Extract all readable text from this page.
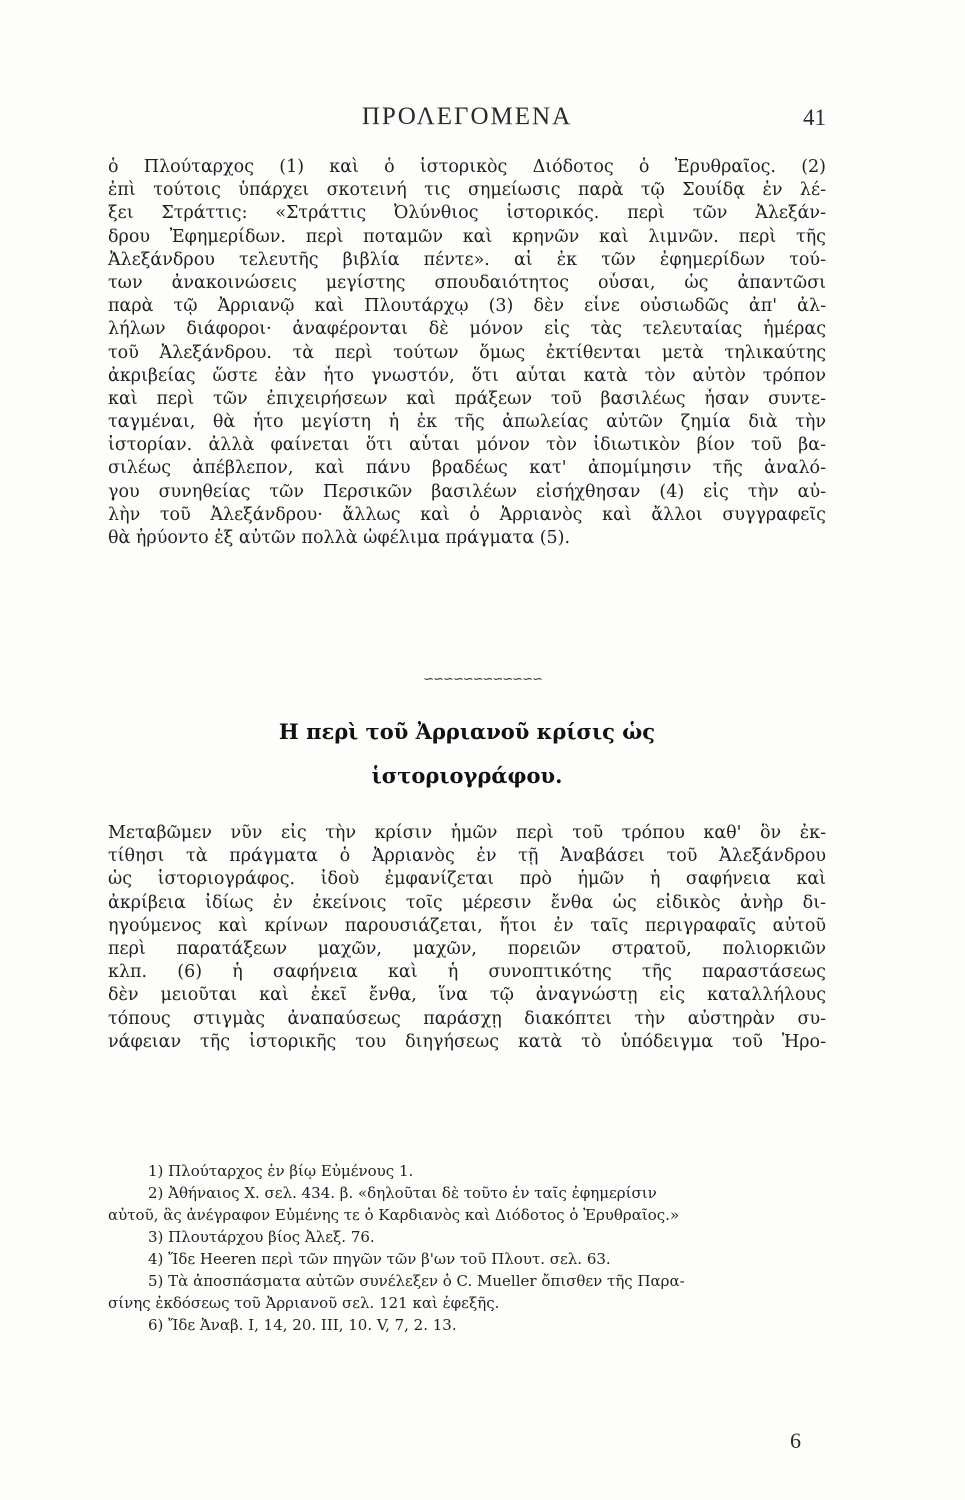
ΠΡΟΛΕΓΟΜΕΝΑ	41
ὁ Πλούταρχος (1) καὶ ὁ ἱστορικὸς Διόδοτος ὁ Ἐρυθραῖος. (2)
ἐπὶ τούτοις ὑπάρχει σκοτεινή τις σημείωσις παρὰ τῷ Σουίδᾳ ἐν λέ-
ξει Στράττις: «Στράττις Ὀλύνθιος ἱστορικός. περὶ τῶν Ἀλεξάν-
δρου Ἐφημερίδων. περὶ ποταμῶν καὶ κρηνῶν καὶ λιμνῶν. περὶ τῆς
Ἀλεξάνδρου τελευτῆς βιβλία πέντε». αἱ ἐκ τῶν ἐφημερίδων τού-
των ἀνακοινώσεις μεγίστης σπουδαιότητος οὖσαι, ὡς ἀπαντῶσι
παρὰ τῷ Ἀρριανῷ καὶ Πλουτάρχῳ (3) δὲν εἶνε οὐσιωδῶς ἀπ' ἀλ-
λήλων διάφοροι· ἀναφέρονται δὲ μόνον εἰς τὰς τελευταίας ἡμέρας
τοῦ Ἀλεξάνδρου. τὰ περὶ τούτων ὅμως ἐκτίθενται μετὰ τηλικαύτης
ἀκριβείας ὥστε ἐὰν ἦτο γνωστόν, ὅτι αὗται κατὰ τὸν αὐτὸν τρόπον
καὶ περὶ τῶν ἐπιχειρήσεων καὶ πράξεων τοῦ βασιλέως ἦσαν συντε-
ταγμέναι, θὰ ἦτο μεγίστη ἡ ἐκ τῆς ἀπωλείας αὐτῶν ζημία διὰ τὴν
ἱστορίαν. ἀλλὰ φαίνεται ὅτι αὗται μόνον τὸν ἰδιωτικὸν βίον τοῦ βα-
σιλέως ἀπέβλεπον, καὶ πάνυ βραδέως κατ' ἀπομίμησιν τῆς ἀναλό-
γου συνηθείας τῶν Περσικῶν βασιλέων εἰσήχθησαν (4) εἰς τὴν αὐ-
λὴν τοῦ Ἀλεξάνδρου· ἄλλως καὶ ὁ Ἀρριανὸς καὶ ἄλλοι συγγραφεῖς
θὰ ἠρύοντο ἐξ αὐτῶν πολλὰ ὠφέλιμα πράγματα (5).
∽∽∽∽∽∽∽∽∽∽∽∽
Η περὶ τοῦ Ἀρριανοῦ κρίσις ὡς
ἱστοριογράφου.
Μεταβῶμεν νῦν εἰς τὴν κρίσιν ἡμῶν περὶ τοῦ τρόπου καθ' ὃν ἐκ-
τίθησι τὰ πράγματα ὁ Ἀρριανὸς ἐν τῇ Ἀναβάσει τοῦ Ἀλεξάνδρου
ὡς ἱστοριογράφος. ἰδοὺ ἐμφανίζεται πρὸ ἡμῶν ἡ σαφήνεια καὶ
ἀκρίβεια ἰδίως ἐν ἐκείνοις τοῖς μέρεσιν ἔνθα ὡς εἰδικὸς ἀνὴρ δι-
ηγούμενος καὶ κρίνων παρουσιάζεται, ἤτοι ἐν ταῖς περιγραφαῖς αὐτοῦ
περὶ παρατάξεων μαχῶν, μαχῶν, πορειῶν στρατοῦ, πολιορκιῶν
κλπ. (6) ἡ σαφήνεια καὶ ἡ συνοπτικότης τῆς παραστάσεως
δὲν μειοῦται καὶ ἐκεῖ ἔνθα, ἵνα τῷ ἀναγνώστῃ εἰς καταλλήλους
τόπους στιγμὰς ἀναπαύσεως παράσχῃ διακόπτει τὴν αὐστηρὰν συ-
νάφειαν τῆς ἱστορικῆς του διηγήσεως κατὰ τὸ ὑπόδειγμα τοῦ Ἡρο-
1) Πλούταρχος ἐν βίῳ Εὐμένους 1.
2) Ἀθήναιος Χ. σελ. 434. β. «δηλοῦται δὲ τοῦτο ἐν ταῖς ἐφημερίσιν
αὐτοῦ, ἃς ἀνέγραφον Εὐμένης τε ὁ Καρδιανὸς καὶ Διόδοτος ὁ Ἐρυθραῖος.»
3) Πλουτάρχου βίος Ἀλεξ. 76.
4) Ἴδε Heeren περὶ τῶν πηγῶν τῶν β'ων τοῦ Πλουτ. σελ. 63.
5) Τὰ ἀποσπάσματα αὐτῶν συνέλεξεν ὁ C. Mueller ὄπισθεν τῆς Παρα-
σίνης ἐκδόσεως τοῦ Ἀρριανοῦ σελ. 121 καὶ ἐφεξῆς.
6) Ἴδε Ἀναβ. I, 14, 20. III, 10. V, 7, 2. 13.
6
